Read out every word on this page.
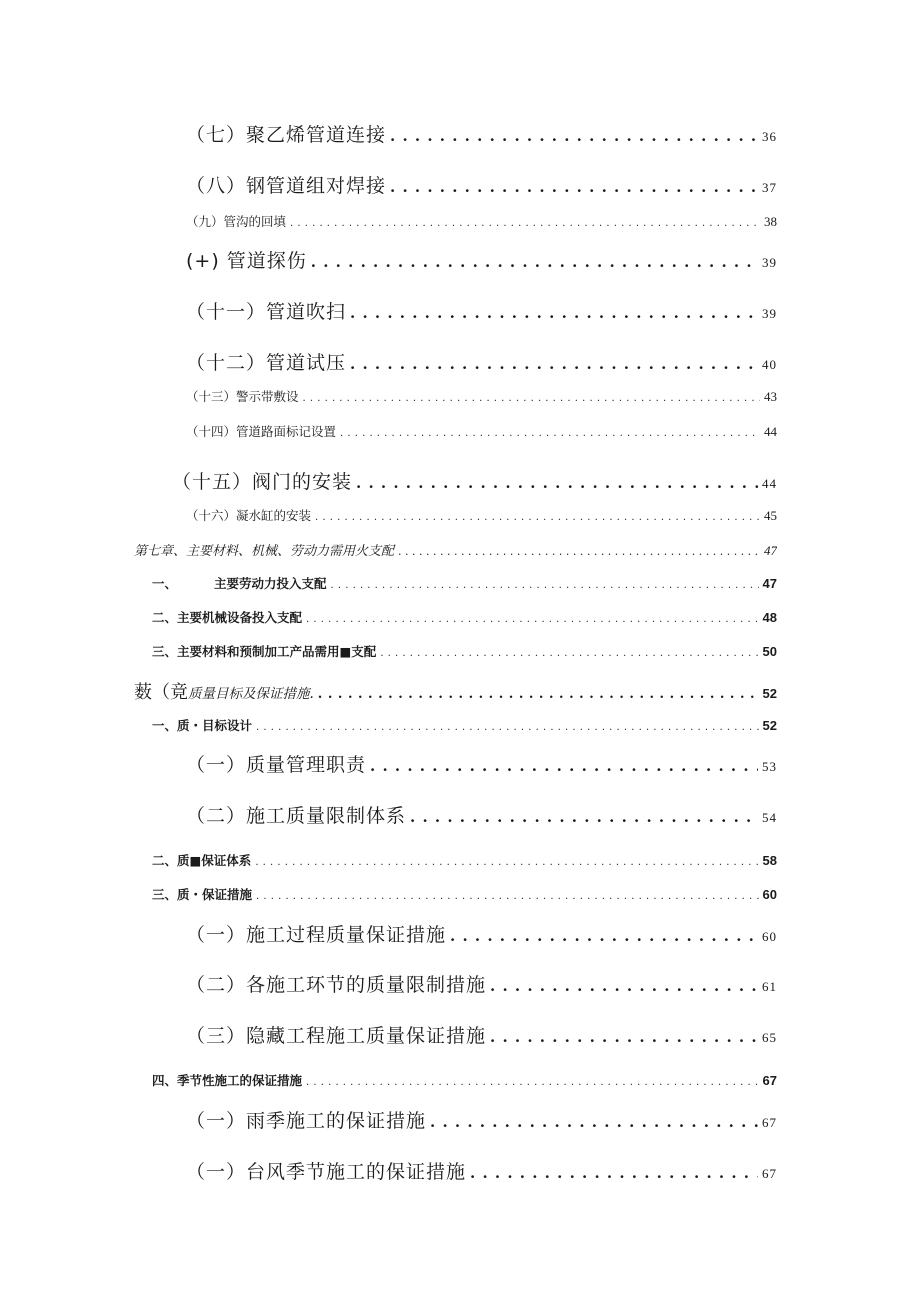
（七）聚乙烯管道连接 . . .	36
（八）钢管道组对焊接 . . .	37
（九）管沟的回填 . . .	38
(+) 管道探伤 . . .	39
（十一）管道吹扫 . . .	39
（十二）管道试压 . . .	40
（十三）警示带敷设 . . .	43
（十四）管道路面标记设置 . . .	44
（十五）阀门的安装 . . .	44
（十六）凝水缸的安装 . . .	45
第七章、主要材料、机械、劳动力需用火支配 . . .	47
一、	主要劳动力投入支配 . . .	47
二、主要机械设备投入支配 . . .	48
三、主要材料和预制加工产品需用■支配 . . .	50
薮（竟 质量目标及保证措施. . . .	52
一、质・目标设计 . . .	52
（一）质量管理职责 . . .	53
（二）施工质量限制体系 . . .	54
二、质■保证体系 . . .	58
三、质・保证措施 . . .	60
（一）施工过程质量保证措施 . . .	60
（二）各施工环节的质量限制措施 . . .	61
（三）隐藏工程施工质量保证措施 . . .	65
四、季节性施工的保证措施 . . .	67
（一）雨季施工的保证措施 . . .	67
（一）台风季节施工的保证措施 . . .	67
